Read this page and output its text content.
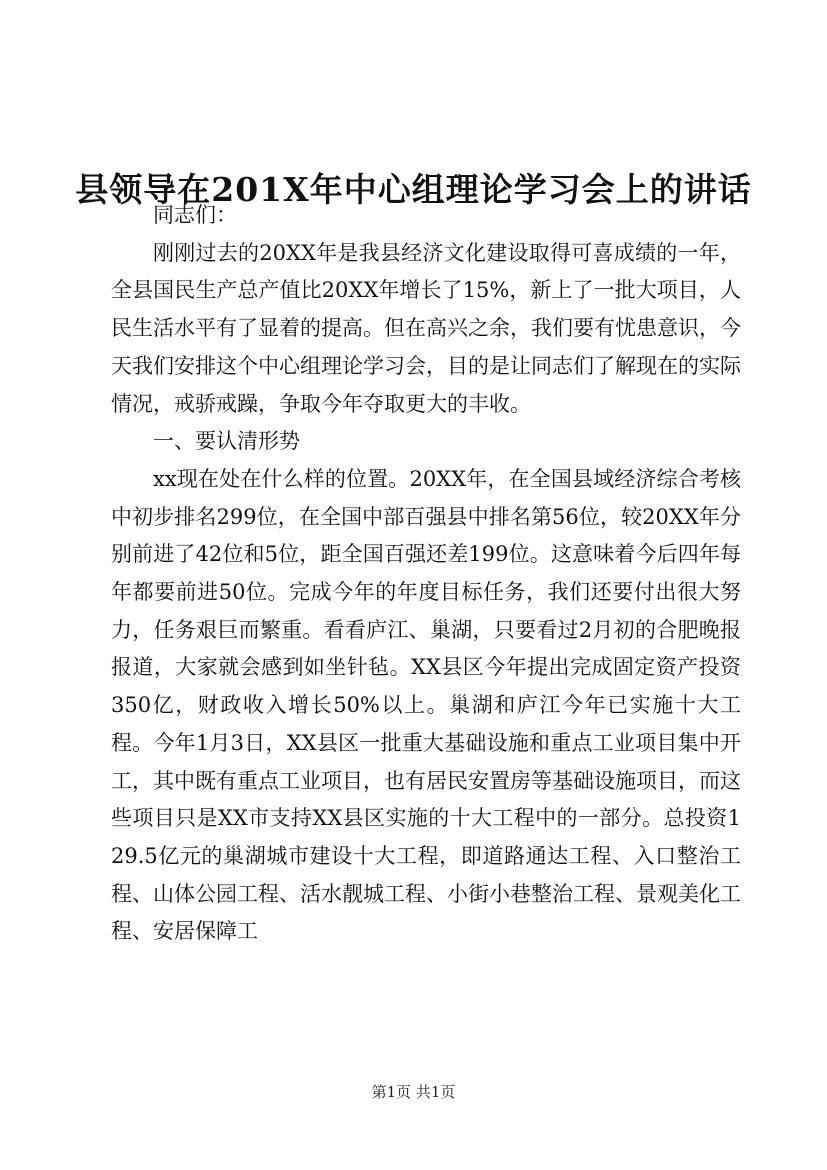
县领导在201X年中心组理论学习会上的讲话

同志们：

刚刚过去的20XX年是我县经济文化建设取得可喜成绩的一年，全县国民生产总产值比20XX年增长了15%，新上了一批大项目，人民生活水平有了显着的提高。但在高兴之余，我们要有忧患意识，今天我们安排这个中心组理论学习会，目的是让同志们了解现在的实际情况，戒骄戒躁，争取今年夺取更大的丰收。

一、要认清形势

xx现在处在什么样的位置。20XX年，在全国县域经济综合考核中初步排名299位，在全国中部百强县中排名第56位，较20XX年分别前进了42位和5位，距全国百强还差199位。这意味着今后四年每年都要前进50位。完成今年的年度目标任务，我们还要付出很大努力，任务艰巨而繁重。看看庐江、巢湖，只要看过2月初的合肥晚报报道，大家就会感到如坐针毡。XX县区今年提出完成固定资产投资350亿，财政收入增长50%以上。巢湖和庐江今年已实施十大工程。今年1月3日，XX县区一批重大基础设施和重点工业项目集中开工，其中既有重点工业项目，也有居民安置房等基础设施项目，而这些项目只是XX市支持XX县区实施的十大工程中的一部分。总投资129.5亿元的巢湖城市建设十大工程，即道路通达工程、入口整治工程、山体公园工程、活水靓城工程、小街小巷整治工程、景观美化工程、安居保障工

第1页 共1页
